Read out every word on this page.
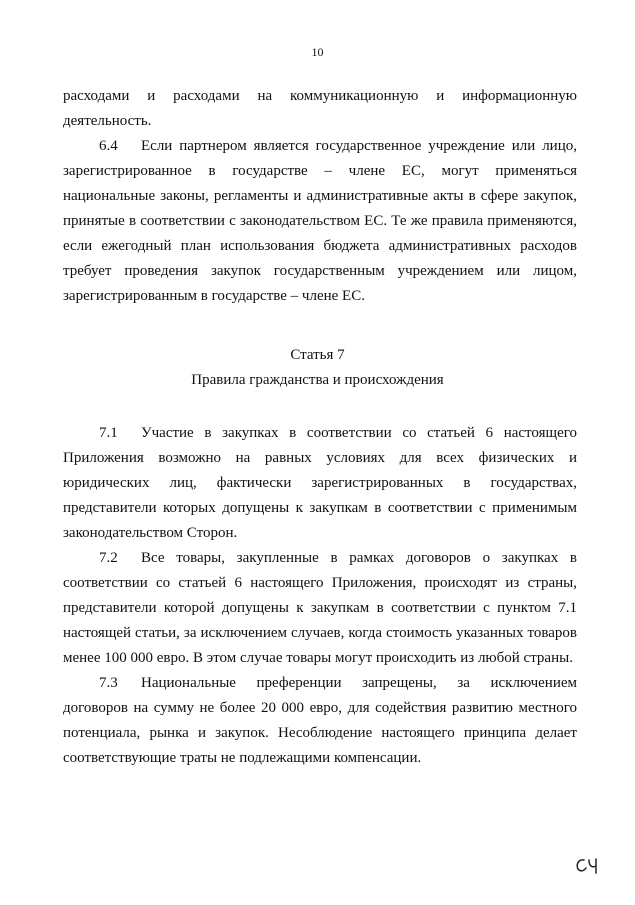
10

расходами и расходами на коммуникационную и информационную деятельность.

6.4 Если партнером является государственное учреждение или лицо, зарегистрированное в государстве – члене ЕС, могут применяться национальные законы, регламенты и административные акты в сфере закупок, принятые в соответствии с законодательством ЕС. Те же правила применяются, если ежегодный план использования бюджета административных расходов требует проведения закупок государственным учреждением или лицом, зарегистрированным в государстве – члене ЕС.

Статья 7
Правила гражданства и происхождения

7.1 Участие в закупках в соответствии со статьей 6 настоящего Приложения возможно на равных условиях для всех физических и юридических лиц, фактически зарегистрированных в государствах, представители которых допущены к закупкам в соответствии с применимым законодательством Сторон.

7.2 Все товары, закупленные в рамках договоров о закупках в соответствии со статьей 6 настоящего Приложения, происходят из страны, представители которой допущены к закупкам в соответствии с пунктом 7.1 настоящей статьи, за исключением случаев, когда стоимость указанных товаров менее 100 000 евро. В этом случае товары могут происходить из любой страны.

7.3 Национальные преференции запрещены, за исключением договоров на сумму не более 20 000 евро, для содействия развитию местного потенциала, рынка и закупок. Несоблюдение настоящего принципа делает соответствующие траты не подлежащими компенсации.
